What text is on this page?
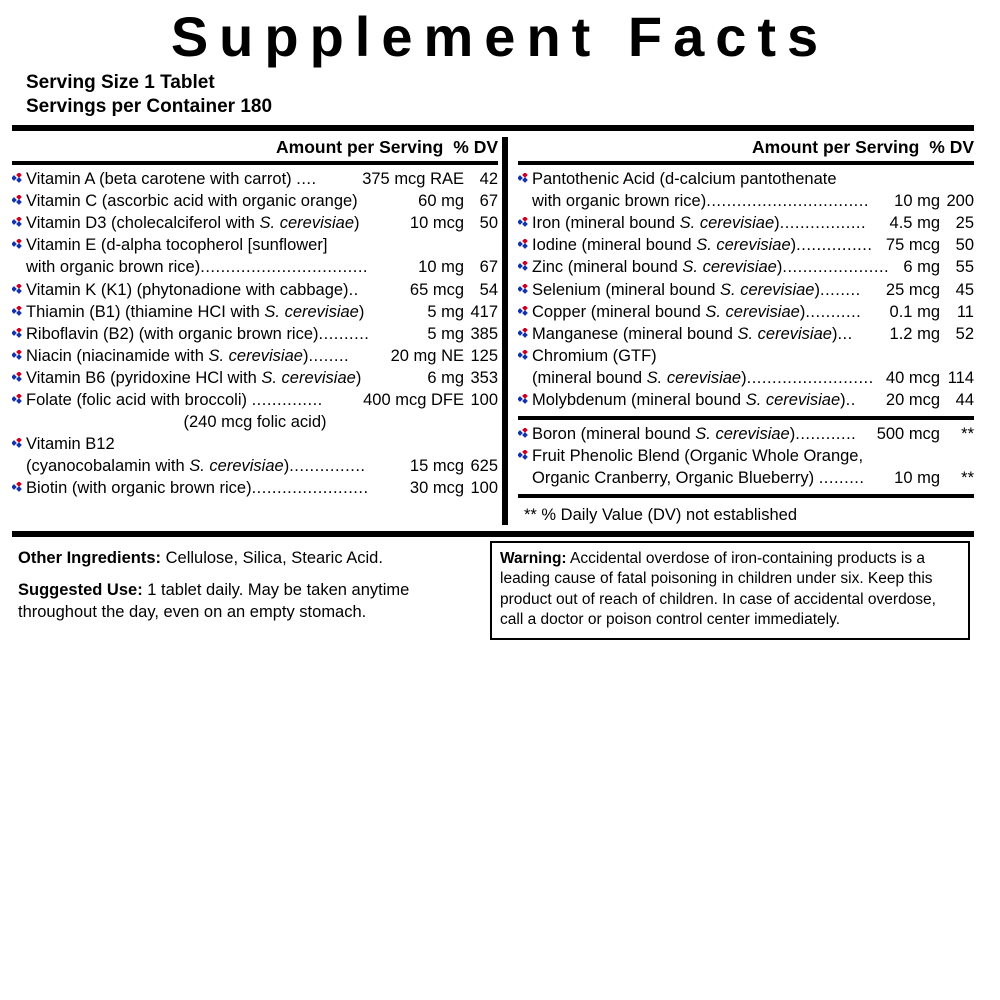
Supplement Facts
Serving Size 1 Tablet
Servings per Container 180
Amount per Serving % DV
Vitamin A (beta carotene with carrot) ....	375 mcg RAE 42
Vitamin C (ascorbic acid with organic orange)	60 mg 67
Vitamin D3 (cholecalciferol with S. cerevisiae)	10 mcg 50
Vitamin E (d-alpha tocopherol [sunflower]
with organic brown rice).................................	10 mg 67
Vitamin K (K1) (phytonadione with cabbage)..	65 mcg 54
Thiamin (B1) (thiamine HCI with S. cerevisiae)	5 mg 417
Riboflavin (B2) (with organic brown rice)..........	5 mg 385
Niacin (niacinamide with S. cerevisiae)........	20 mg NE 125
Vitamin B6 (pyridoxine HCl with S. cerevisiae)	6 mg 353
Folate (folic acid with broccoli) ..............	400 mcg DFE 100
(240 mcg folic acid)
Vitamin B12
(cyanocobalamin with S. cerevisiae)...............	15 mcg 625
Biotin (with organic brown rice).......................	30 mcg 100
Amount per Serving % DV
Pantothenic Acid (d-calcium pantothenate
with organic brown rice)................................	10 mg 200
Iron (mineral bound S. cerevisiae).................	4.5 mg 25
Iodine (mineral bound S. cerevisiae)............... 75 mcg 50
Zinc (mineral bound S. cerevisiae)..................... 6 mg 55
Selenium (mineral bound S. cerevisiae)........	25 mcg 45
Copper (mineral bound S. cerevisiae)...........	0.1 mg	11
Manganese (mineral bound S. cerevisiae)...	1.2 mg 52
Chromium (GTF)
(mineral bound S. cerevisiae)......................... 40 mcg 114
Molybdenum (mineral bound S. cerevisiae)..	20 mcg 44
Boron (mineral bound S. cerevisiae)............	500 mcg	**
Fruit Phenolic Blend (Organic Whole Orange,
Organic Cranberry, Organic Blueberry) .........	10 mg	**
** % Daily Value (DV) not established

Other Ingredients: Cellulose, Silica, Stearic Acid.

Suggested Use: 1 tablet daily. May be taken anytime throughout the day, even on an empty stomach.

Warning: Accidental overdose of iron-containing products is a leading cause of fatal poisoning in children under six. Keep this product out of reach of children. In case of accidental overdose, call a doctor or poison control center immediately.
